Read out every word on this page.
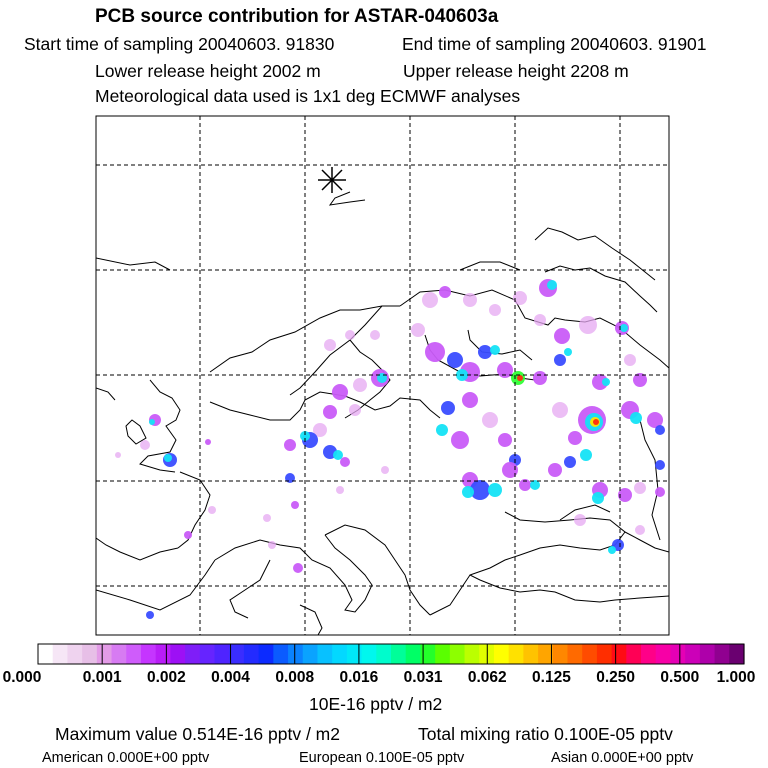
PCB source contribution for ASTAR-040603a
Start time of sampling 20040603. 91830	End time of sampling 20040603. 91901
Lower release height 2002 m	Upper release height 2208 m
Meteorological data used is 1x1 deg ECMWF analyses
0.000	0.001 0.002 0.004 0.008 0.016 0.031 0.062 0.125 0.250 0.500 1.000
10E-16 pptv / m2
Maximum value 0.514E-16 pptv / m2	Total mixing ratio 0.100E-05 pptv
American 0.000E+00 pptv	European 0.100E-05 pptv	Asian 0.000E+00 pptv
